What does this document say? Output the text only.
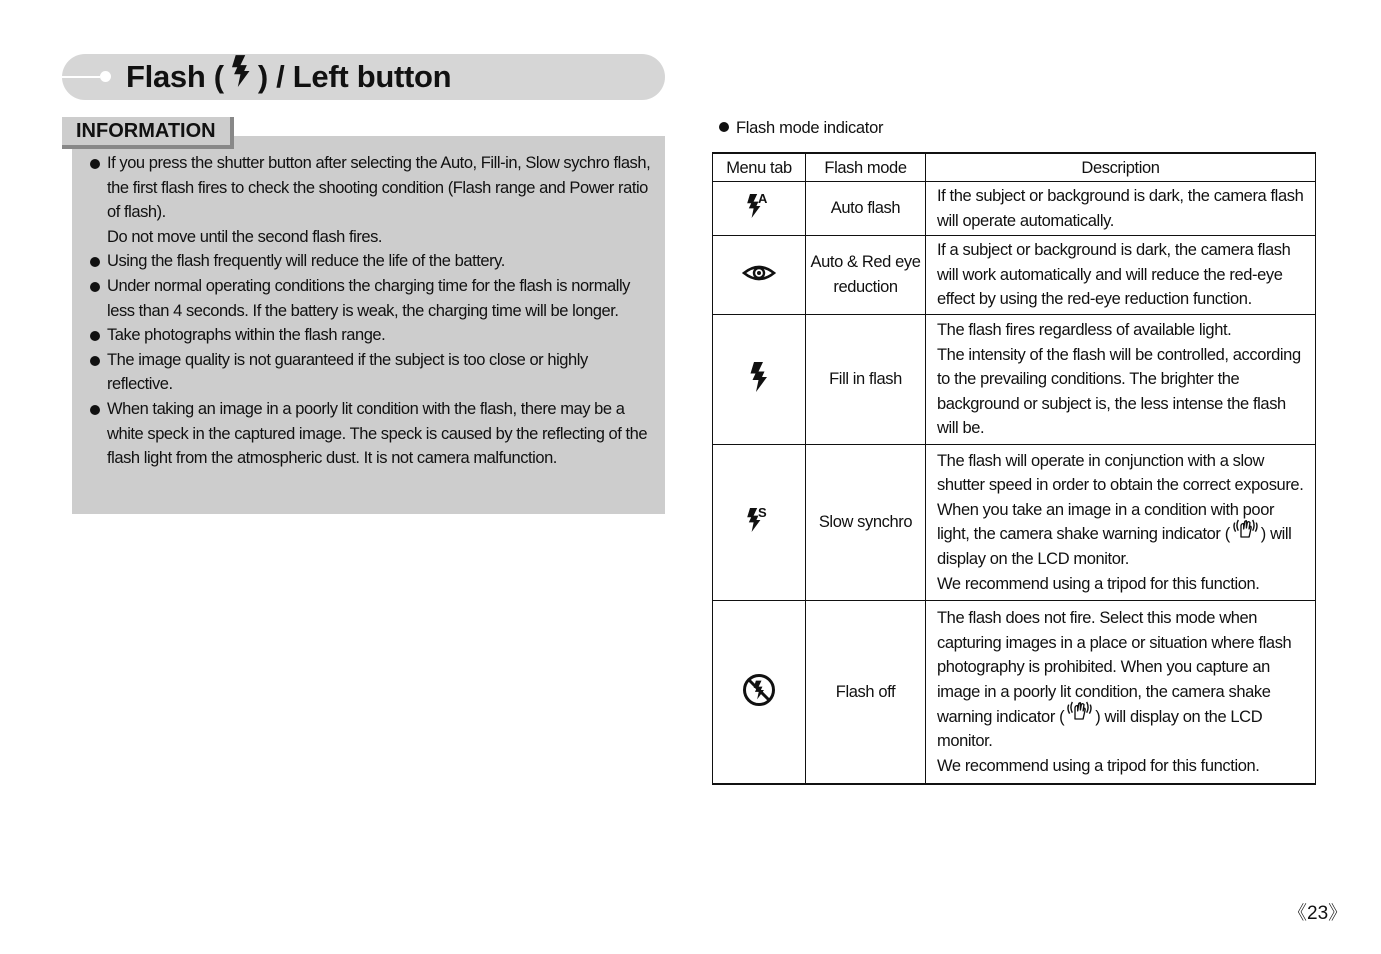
Flash ( ) / Left button
INFORMATION
If you press the shutter button after selecting the Auto, Fill-in, Slow sychro flash, the first flash fires to check the shooting condition (Flash range and Power ratio of flash).
Do not move until the second flash fires.
Using the flash frequently will reduce the life of the battery.
Under normal operating conditions the charging time for the flash is normally less than 4 seconds. If the battery is weak, the charging time will be longer.
Take photographs within the flash range.
The image quality is not guaranteed if the subject is too close or highly reflective.
When taking an image in a poorly lit condition with the flash, there may be a white speck in the captured image. The speck is caused by the reflecting of the flash light from the atmospheric dust. It is not camera malfunction.
Flash mode indicator
Menu tab	Flash mode	Description

A	Auto flash	If the subject or background is dark, the camera flash will operate automatically.

	Auto & Red eye reduction	If a subject or background is dark, the camera flash will work automatically and will reduce the red-eye effect by using the red-eye reduction function.

	Fill in flash	The flash fires regardless of available light.
The intensity of the flash will be controlled, according to the prevailing conditions. The brighter the background or subject is, the less intense the flash will be.

S	Slow synchro	The flash will operate in conjunction with a slow shutter speed in order to obtain the correct exposure. When you take an image in a condition with poor light, the camera shake warning indicator ( ) will display on the LCD monitor.
We recommend using a tripod for this function.

	Flash off	The flash does not fire. Select this mode when capturing images in a place or situation where flash photography is prohibited. When you capture an image in a poorly lit condition, the camera shake warning indicator ( ) will display on the LCD monitor.
We recommend using a tripod for this function.
《23》
